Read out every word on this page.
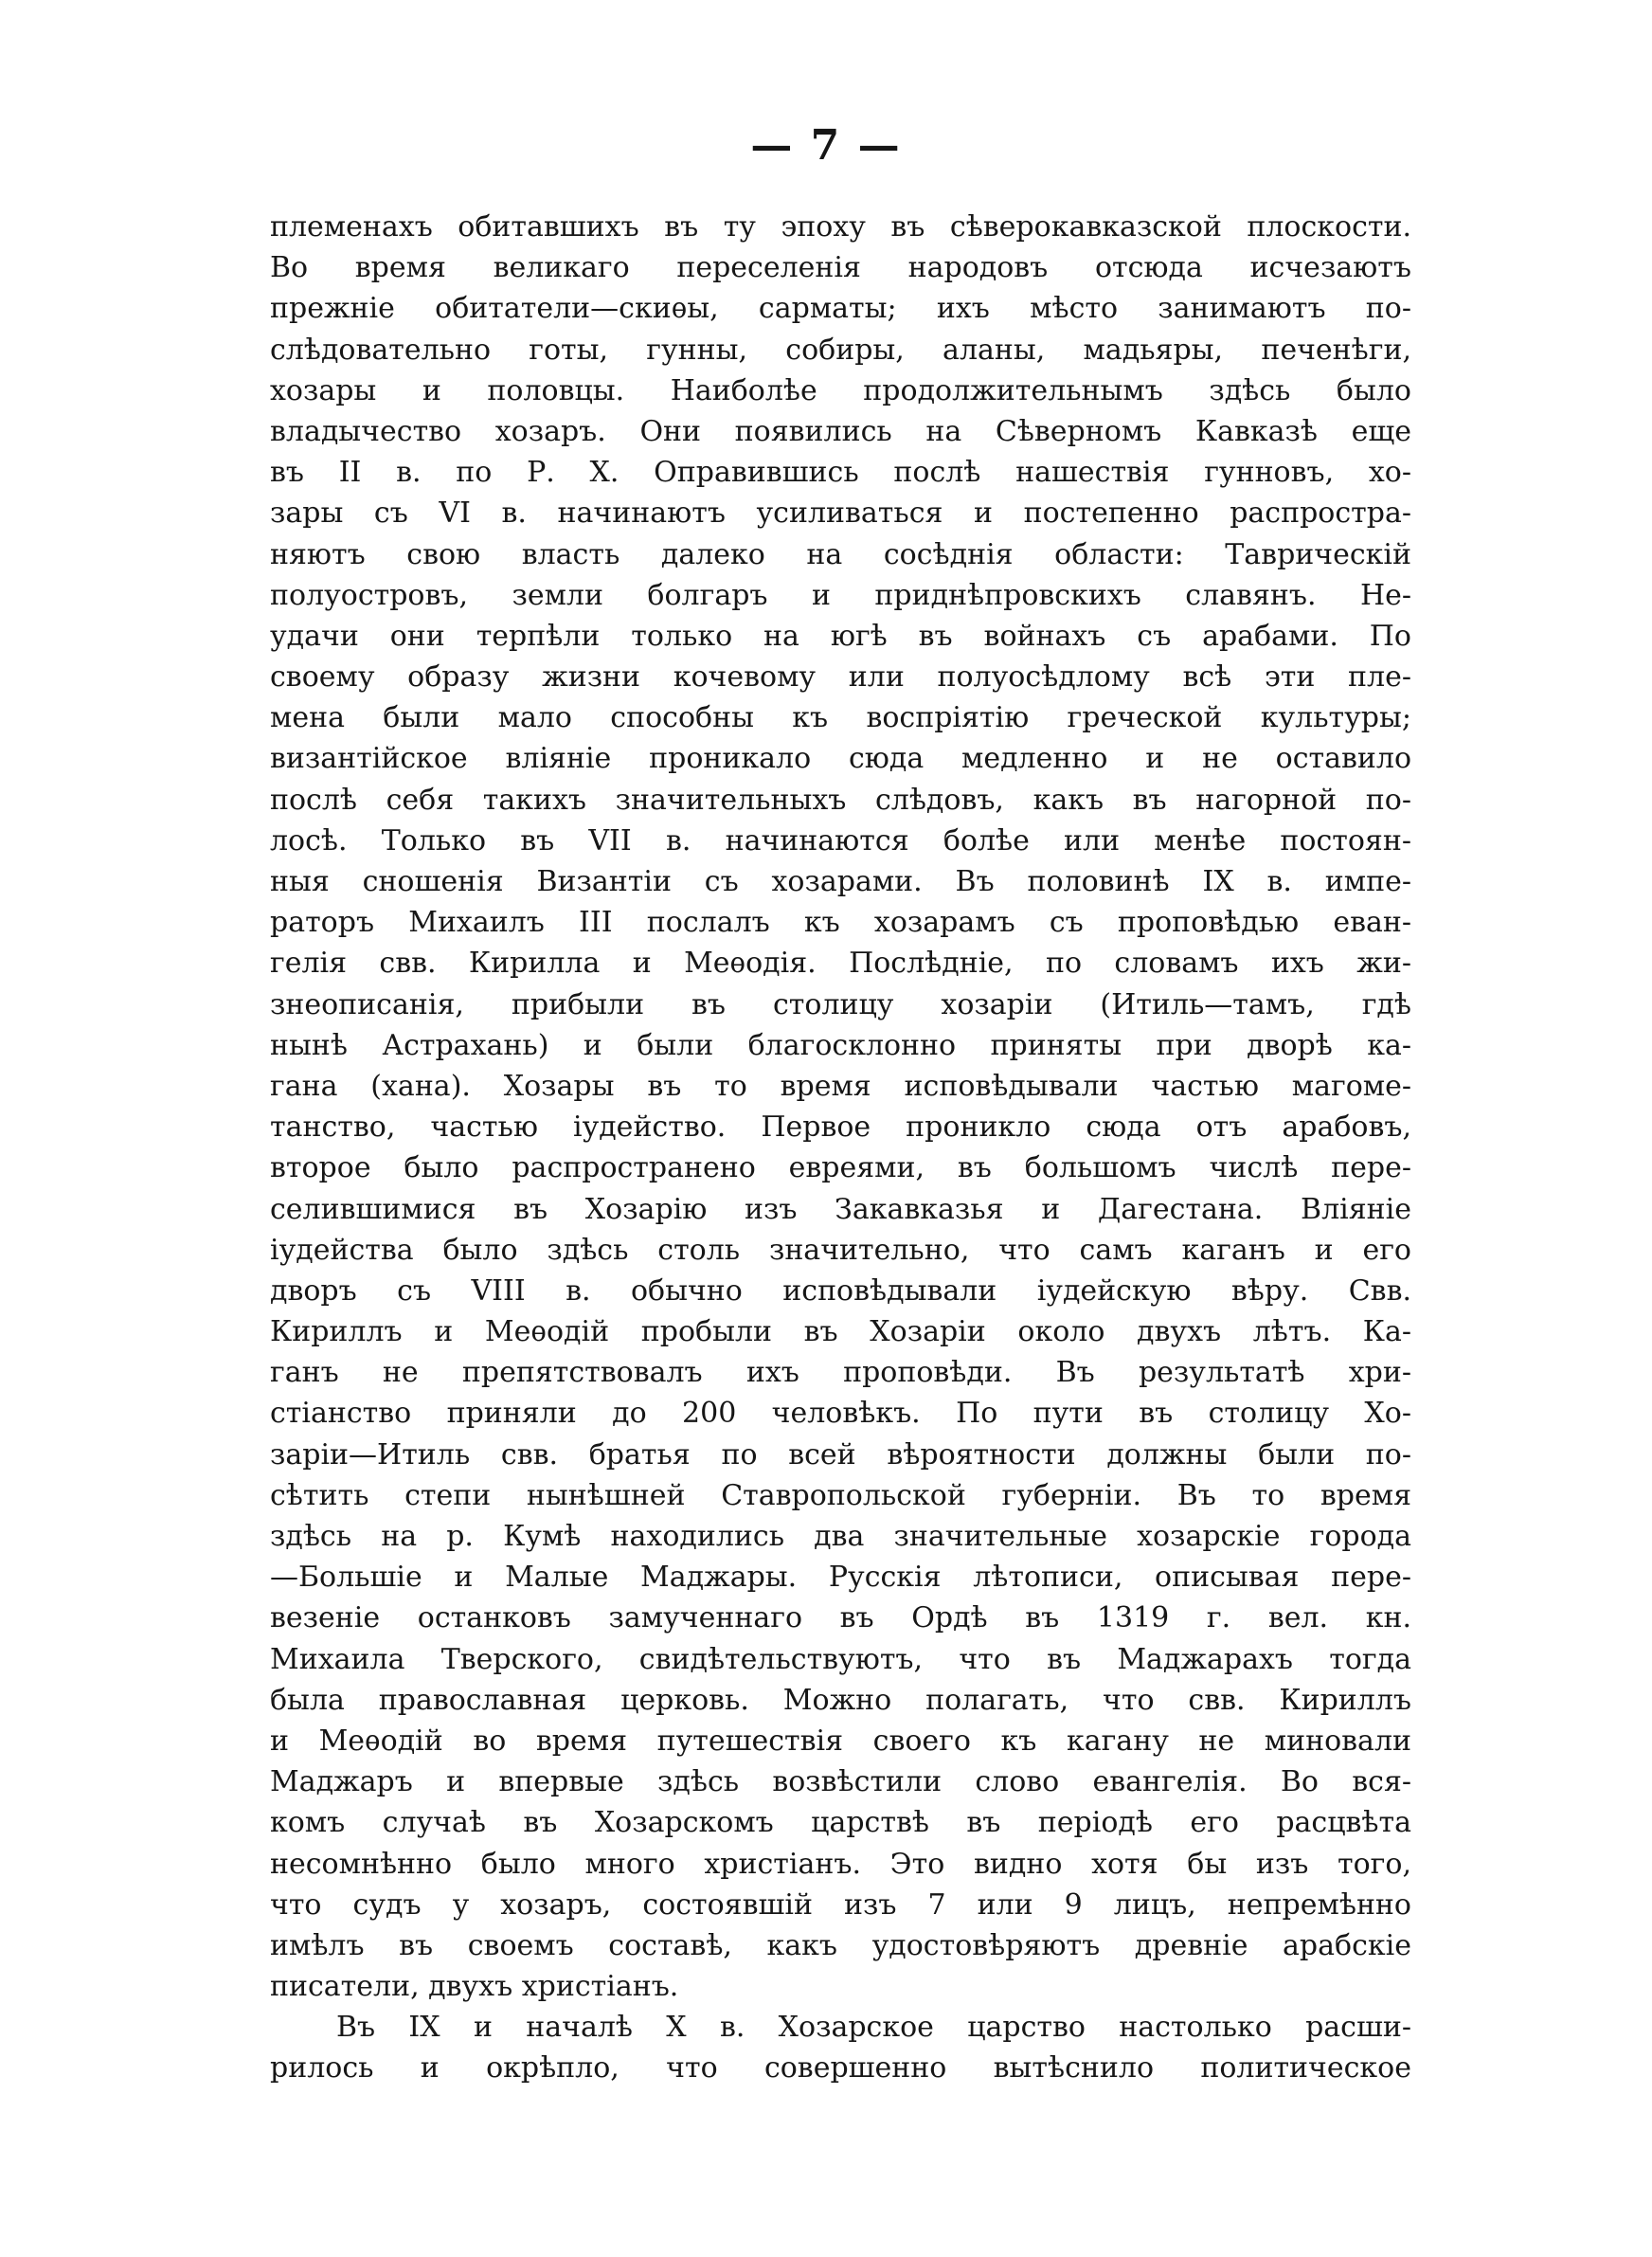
— 7 —
племенахъ обитавшихъ въ ту эпоху въ сѣверокавказской плоскости.
Во время великаго переселенія народовъ отсюда исчезаютъ
прежніе обитатели—скиѳы, сарматы; ихъ мѣсто занимаютъ по-
слѣдовательно готы, гунны, собиры, аланы, мадьяры, печенѣги,
хозары и половцы. Наиболѣе продолжительнымъ здѣсь было
владычество хозаръ. Они появились на Сѣверномъ Кавказѣ еще
въ II в. по Р. Х. Оправившись послѣ нашествія гунновъ, хо-
зары съ VI в. начинаютъ усиливаться и постепенно распростра-
няютъ свою власть далеко на сосѣднія области: Таврическій
полуостровъ, земли болгаръ и приднѣпровскихъ славянъ. Не-
удачи они терпѣли только на югѣ въ войнахъ съ арабами. По
своему образу жизни кочевому или полуосѣдлому всѣ эти пле-
мена были мало способны къ воспріятію греческой культуры;
византійское вліяніе проникало сюда медленно и не оставило
послѣ себя такихъ значительныхъ слѣдовъ, какъ въ нагорной по-
лосѣ. Только въ VII в. начинаются болѣе или менѣе постоян-
ныя сношенія Византіи съ хозарами. Въ половинѣ IX в. импе-
раторъ Михаилъ III послалъ къ хозарамъ съ проповѣдью еван-
гелія свв. Кирилла и Меѳодія. Послѣдніе, по словамъ ихъ жи-
знеописанія, прибыли въ столицу хозаріи (Итиль—тамъ, гдѣ
нынѣ Астрахань) и были благосклонно приняты при дворѣ ка-
гана (хана). Хозары въ то время исповѣдывали частью магоме-
танство, частью іудейство. Первое проникло сюда отъ арабовъ,
второе было распространено евреями, въ большомъ числѣ пере-
селившимися въ Хозарію изъ Закавказья и Дагестана. Вліяніе
іудейства было здѣсь столь значительно, что самъ каганъ и его
дворъ съ VIII в. обычно исповѣдывали іудейскую вѣру. Свв.
Кириллъ и Меѳодій пробыли въ Хозаріи около двухъ лѣтъ. Ка-
ганъ не препятствовалъ ихъ проповѣди. Въ результатѣ хри-
стіанство приняли до 200 человѣкъ. По пути въ столицу Хо-
заріи—Итиль свв. братья по всей вѣроятности должны были по-
сѣтить степи нынѣшней Ставропольской губерніи. Въ то время
здѣсь на р. Кумѣ находились два значительные хозарскіе города
—Большіе и Малые Маджары. Русскія лѣтописи, описывая пере-
везеніе останковъ замученнаго въ Ордѣ въ 1319 г. вел. кн.
Михаила Тверского, свидѣтельствуютъ, что въ Маджарахъ тогда
была православная церковь. Можно полагать, что свв. Кириллъ
и Меѳодій во время путешествія своего къ кагану не миновали
Маджаръ и впервые здѣсь возвѣстили слово евангелія. Во вся-
комъ случаѣ въ Хозарскомъ царствѣ въ періодѣ его расцвѣта
несомнѣнно было много христіанъ. Это видно хотя бы изъ того,
что судъ у хозаръ, состоявшій изъ 7 или 9 лицъ, непремѣнно
имѣлъ въ своемъ составѣ, какъ удостовѣряютъ древніе арабскіе
писатели, двухъ христіанъ.
Въ IX и началѣ X в. Хозарское царство настолько расши-
рилось и окрѣпло, что совершенно вытѣснило политическое
